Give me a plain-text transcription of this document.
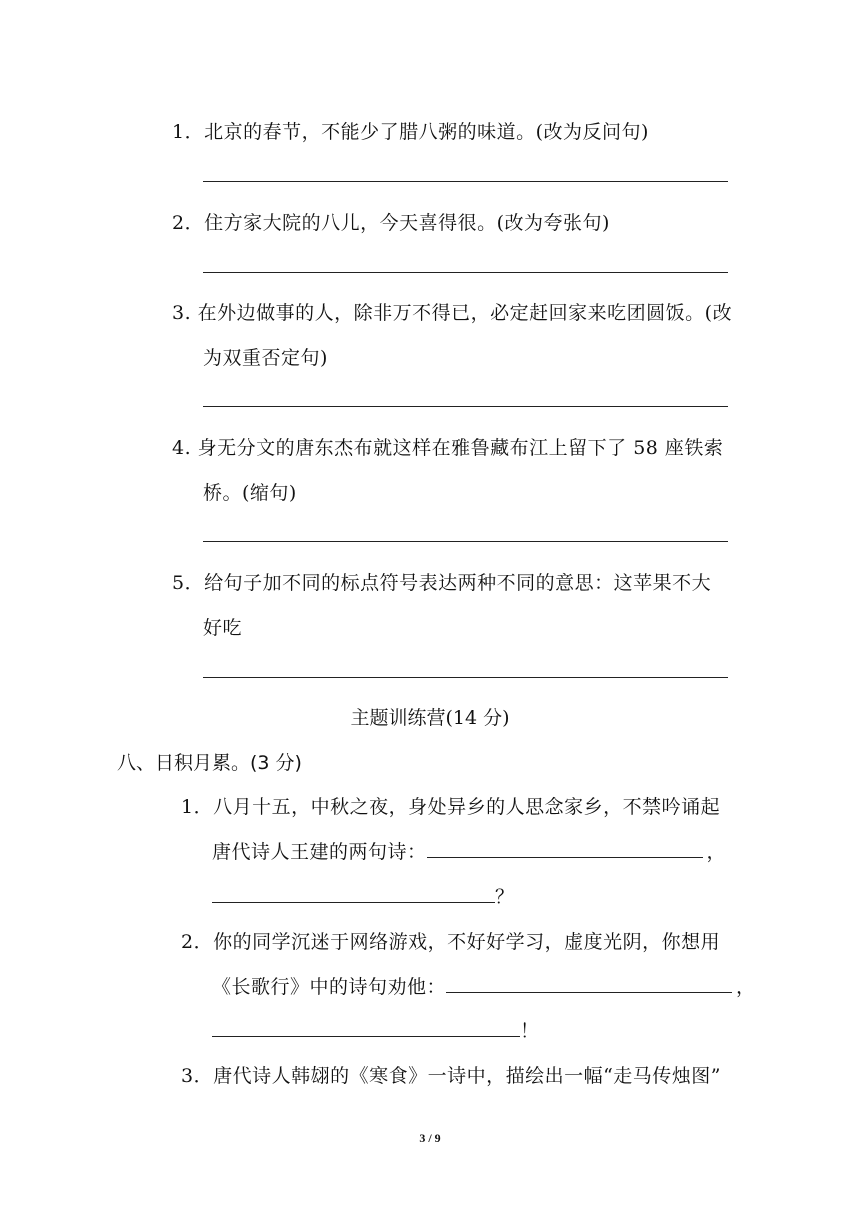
1．北京的春节，不能少了腊八粥的味道。(改为反问句)
2．住方家大院的八儿，今天喜得很。(改为夸张句)
3. 在外边做事的人，除非万不得已，必定赶回家来吃团圆饭。(改
为双重否定句)
4. 身无分文的唐东杰布就这样在雅鲁藏布江上留下了 58 座铁索
桥。(缩句)
5．给句子加不同的标点符号表达两种不同的意思：这苹果不大
好吃
主题训练营(14 分)
八、日积月累。(3 分)
1．八月十五，中秋之夜，身处异乡的人思念家乡，不禁吟诵起
唐代诗人王建的两句诗：	，
？
2．你的同学沉迷于网络游戏，不好好学习，虚度光阴，你想用
《长歌行》中的诗句劝他：	，
！
3．唐代诗人韩翃的《寒食》一诗中，描绘出一幅“走马传烛图”
3 / 9
